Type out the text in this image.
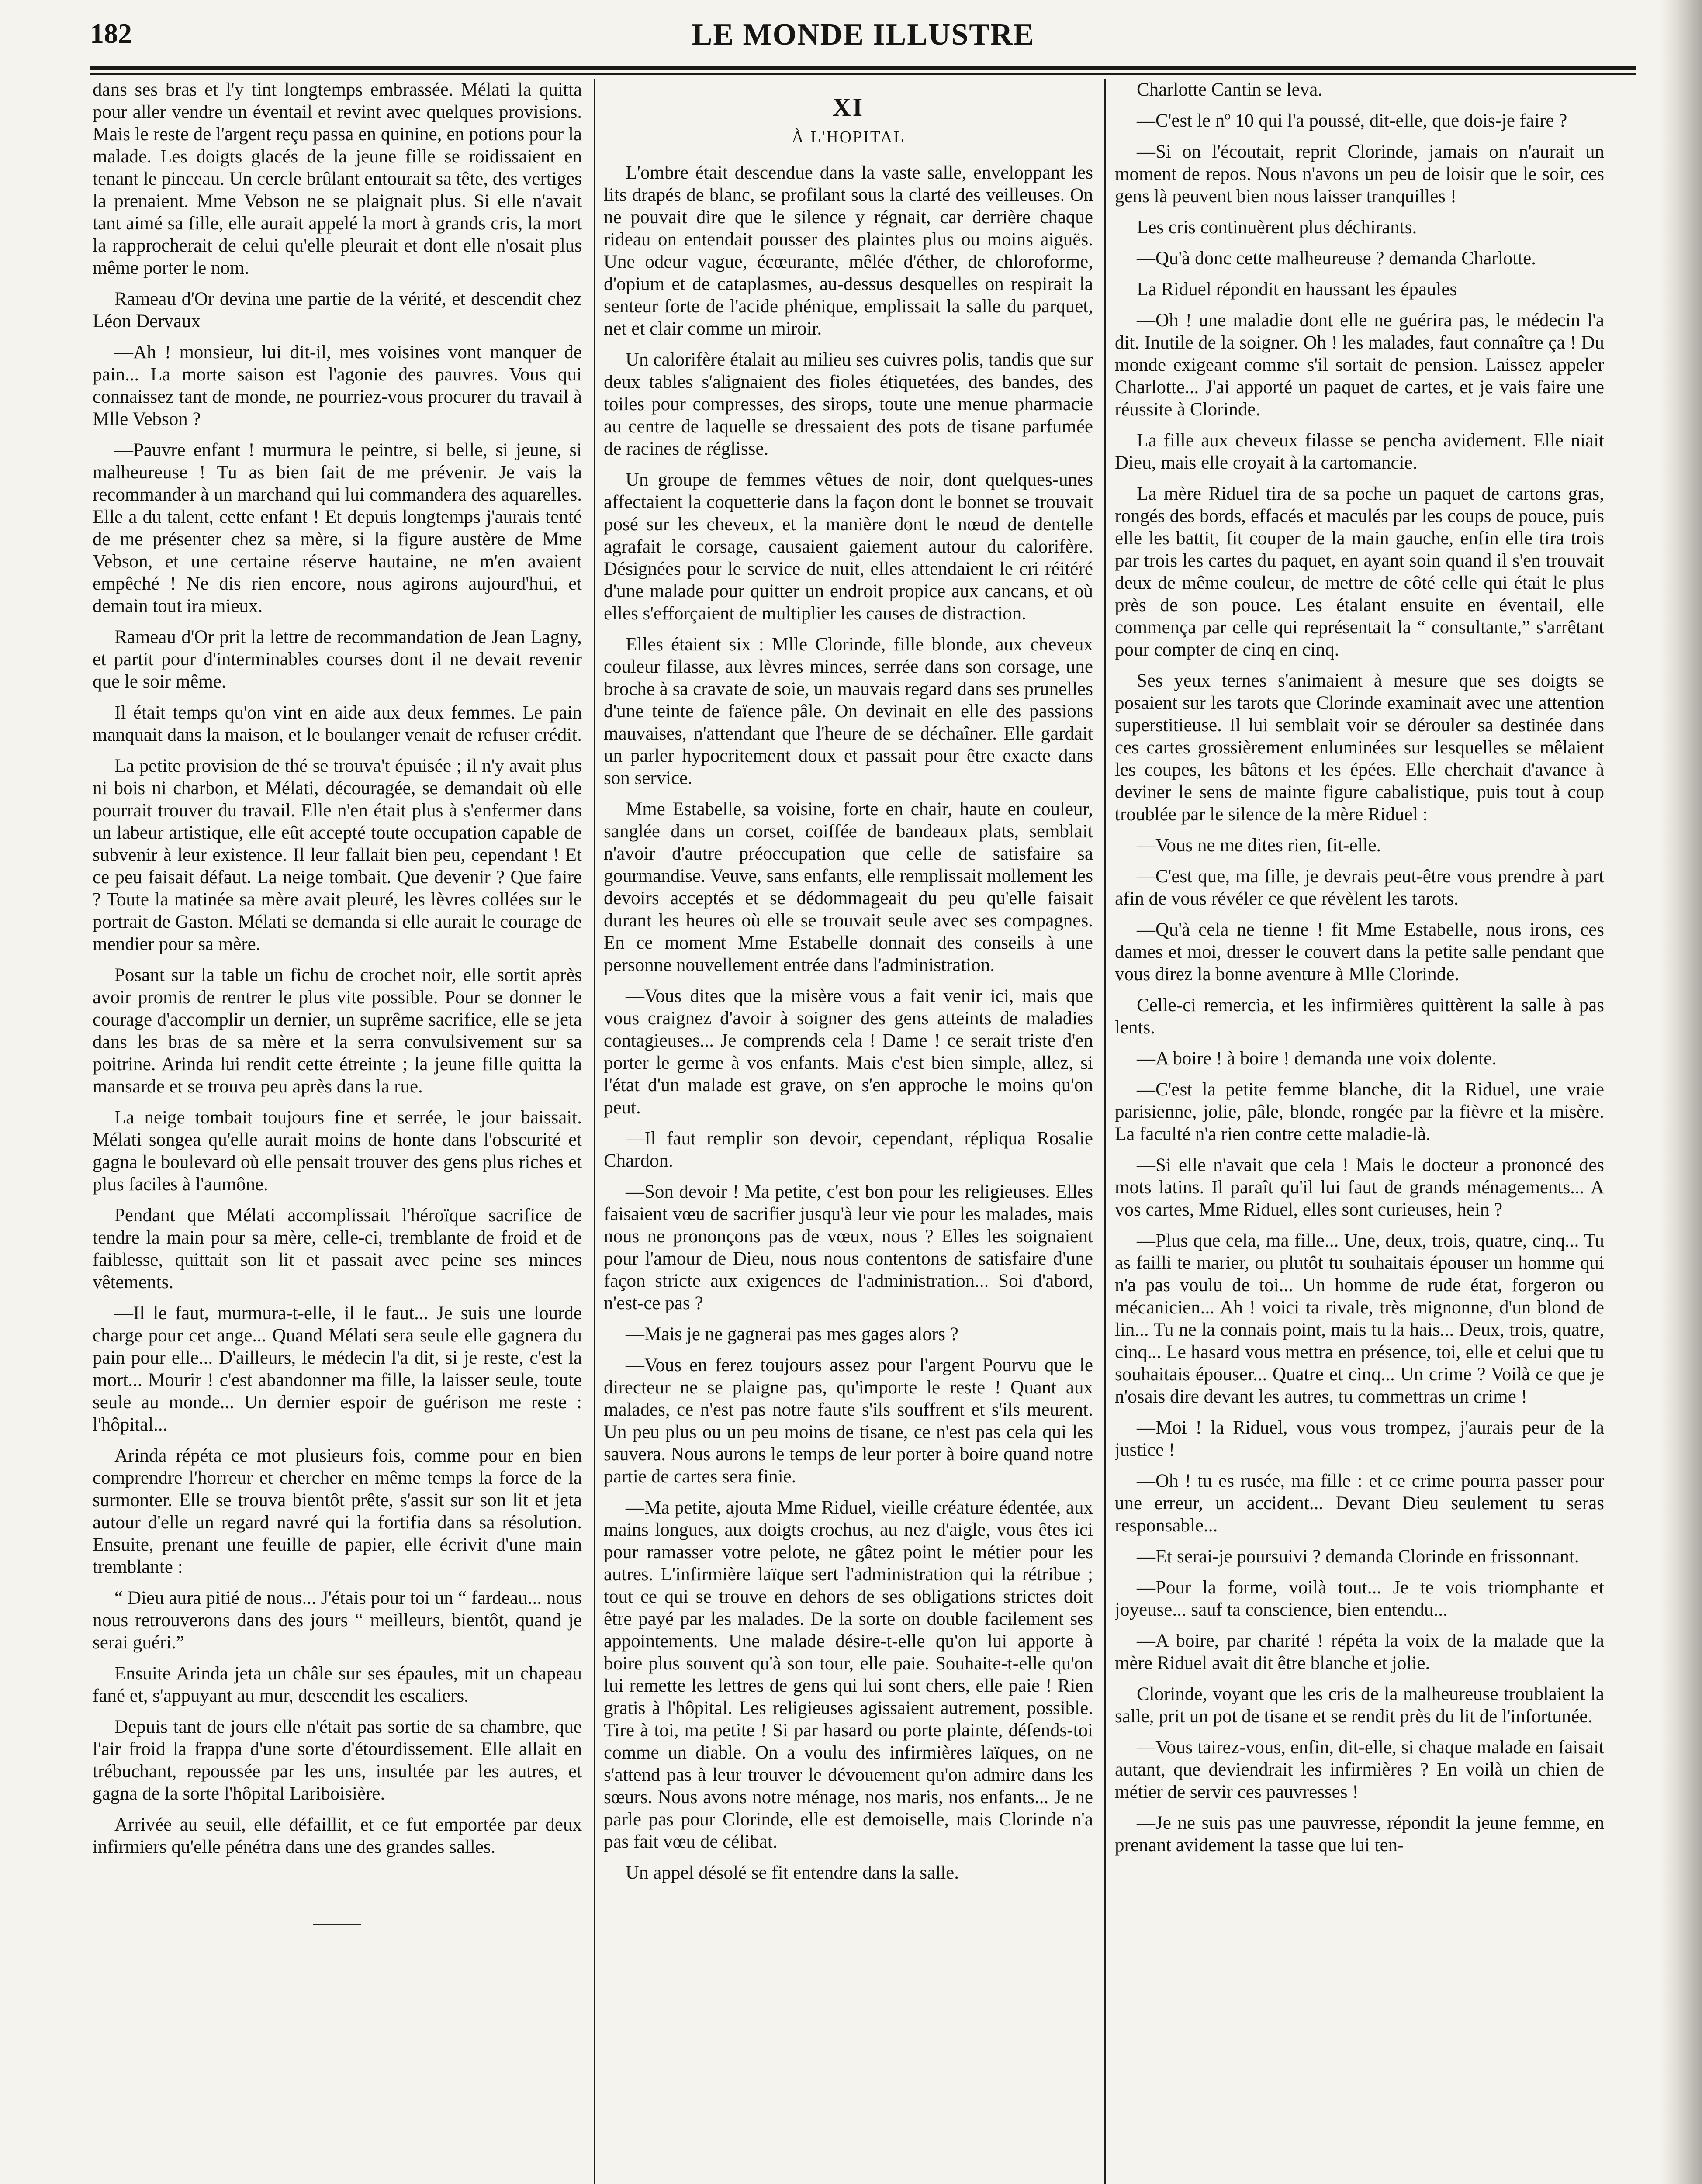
182	LE MONDE ILLUSTRE

dans ses bras et l'y tint longtemps embrassée. Mélati la quitta pour aller vendre un éventail et revint avec quelques provisions. Mais le reste de l'argent reçu passa en quinine, en potions pour la malade. Les doigts glacés de la jeune fille se roidissaient en tenant le pinceau. Un cercle brûlant entourait sa tête, des vertiges la prenaient. Mme Vebson ne se plaignait plus. Si elle n'avait tant aimé sa fille, elle aurait appelé la mort à grands cris, la mort la rapprocherait de celui qu'elle pleurait et dont elle n'osait plus même porter le nom.

Rameau d'Or devina une partie de la vérité, et descendit chez Léon Dervaux

—Ah ! monsieur, lui dit-il, mes voisines vont manquer de pain... La morte saison est l'agonie des pauvres. Vous qui connaissez tant de monde, ne pourriez-vous procurer du travail à Mlle Vebson ?

—Pauvre enfant ! murmura le peintre, si belle, si jeune, si malheureuse ! Tu as bien fait de me prévenir. Je vais la recommander à un marchand qui lui commandera des aquarelles. Elle a du talent, cette enfant ! Et depuis longtemps j'aurais tenté de me présenter chez sa mère, si la figure austère de Mme Vebson, et une certaine réserve hautaine, ne m'en avaient empêché ! Ne dis rien encore, nous agirons aujourd'hui, et demain tout ira mieux.

Rameau d'Or prit la lettre de recommandation de Jean Lagny, et partit pour d'interminables courses dont il ne devait revenir que le soir même.

Il était temps qu'on vint en aide aux deux femmes. Le pain manquait dans la maison, et le boulanger venait de refuser crédit.

La petite provision de thé se trouva't épuisée ; il n'y avait plus ni bois ni charbon, et Mélati, découragée, se demandait où elle pourrait trouver du travail. Elle n'en était plus à s'enfermer dans un labeur artistique, elle eût accepté toute occupation capable de subvenir à leur existence. Il leur fallait bien peu, cependant ! Et ce peu faisait défaut. La neige tombait. Que devenir ? Que faire ? Toute la matinée sa mère avait pleuré, les lèvres collées sur le portrait de Gaston. Mélati se demanda si elle aurait le courage de mendier pour sa mère.

Posant sur la table un fichu de crochet noir, elle sortit après avoir promis de rentrer le plus vite possible. Pour se donner le courage d'accomplir un dernier, un suprême sacrifice, elle se jeta dans les bras de sa mère et la serra convulsivement sur sa poitrine. Arinda lui rendit cette étreinte ; la jeune fille quitta la mansarde et se trouva peu après dans la rue.

La neige tombait toujours fine et serrée, le jour baissait. Mélati songea qu'elle aurait moins de honte dans l'obscurité et gagna le boulevard où elle pensait trouver des gens plus riches et plus faciles à l'aumône.

Pendant que Mélati accomplissait l'héroïque sacrifice de tendre la main pour sa mère, celle-ci, tremblante de froid et de faiblesse, quittait son lit et passait avec peine ses minces vêtements.

—Il le faut, murmura-t-elle, il le faut... Je suis une lourde charge pour cet ange... Quand Mélati sera seule elle gagnera du pain pour elle... D'ailleurs, le médecin l'a dit, si je reste, c'est la mort... Mourir ! c'est abandonner ma fille, la laisser seule, toute seule au monde... Un dernier espoir de guérison me reste : l'hôpital...

Arinda répéta ce mot plusieurs fois, comme pour en bien comprendre l'horreur et chercher en même temps la force de la surmonter. Elle se trouva bientôt prête, s'assit sur son lit et jeta autour d'elle un regard navré qui la fortifia dans sa résolution. Ensuite, prenant une feuille de papier, elle écrivit d'une main tremblante :

“ Dieu aura pitié de nous... J'étais pour toi un “ fardeau... nous nous retrouverons dans des jours “ meilleurs, bientôt, quand je serai guéri.”

Ensuite Arinda jeta un châle sur ses épaules, mit un chapeau fané et, s'appuyant au mur, descendit les escaliers.

Depuis tant de jours elle n'était pas sortie de sa chambre, que l'air froid la frappa d'une sorte d'étourdissement. Elle allait en trébuchant, repoussée par les uns, insultée par les autres, et gagna de la sorte l'hôpital Lariboisière.

Arrivée au seuil, elle défaillit, et ce fut emportée par deux infirmiers qu'elle pénétra dans une des grandes salles.

XI
À L'HOPITAL

L'ombre était descendue dans la vaste salle, enveloppant les lits drapés de blanc, se profilant sous la clarté des veilleuses. On ne pouvait dire que le silence y régnait, car derrière chaque rideau on entendait pousser des plaintes plus ou moins aiguës. Une odeur vague, écœurante, mêlée d'éther, de chloroforme, d'opium et de cataplasmes, au-dessus desquelles on respirait la senteur forte de l'acide phénique, emplissait la salle du parquet, net et clair comme un miroir.

Un calorifère étalait au milieu ses cuivres polis, tandis que sur deux tables s'alignaient des fioles étiquetées, des bandes, des toiles pour compresses, des sirops, toute une menue pharmacie au centre de laquelle se dressaient des pots de tisane parfumée de racines de réglisse.

Un groupe de femmes vêtues de noir, dont quelques-unes affectaient la coquetterie dans la façon dont le bonnet se trouvait posé sur les cheveux, et la manière dont le nœud de dentelle agrafait le corsage, causaient gaiement autour du calorifère. Désignées pour le service de nuit, elles attendaient le cri réitéré d'une malade pour quitter un endroit propice aux cancans, et où elles s'efforçaient de multiplier les causes de distraction.

Elles étaient six : Mlle Clorinde, fille blonde, aux cheveux couleur filasse, aux lèvres minces, serrée dans son corsage, une broche à sa cravate de soie, un mauvais regard dans ses prunelles d'une teinte de faïence pâle. On devinait en elle des passions mauvaises, n'attendant que l'heure de se déchaîner. Elle gardait un parler hypocritement doux et passait pour être exacte dans son service.

Mme Estabelle, sa voisine, forte en chair, haute en couleur, sanglée dans un corset, coiffée de bandeaux plats, semblait n'avoir d'autre préoccupation que celle de satisfaire sa gourmandise. Veuve, sans enfants, elle remplissait mollement les devoirs acceptés et se dédommageait du peu qu'elle faisait durant les heures où elle se trouvait seule avec ses compagnes. En ce moment Mme Estabelle donnait des conseils à une personne nouvellement entrée dans l'administration.

—Vous dites que la misère vous a fait venir ici, mais que vous craignez d'avoir à soigner des gens atteints de maladies contagieuses... Je comprends cela ! Dame ! ce serait triste d'en porter le germe à vos enfants. Mais c'est bien simple, allez, si l'état d'un malade est grave, on s'en approche le moins qu'on peut.

—Il faut remplir son devoir, cependant, répliqua Rosalie Chardon.

—Son devoir ! Ma petite, c'est bon pour les religieuses. Elles faisaient vœu de sacrifier jusqu'à leur vie pour les malades, mais nous ne prononçons pas de vœux, nous ? Elles les soignaient pour l'amour de Dieu, nous nous contentons de satisfaire d'une façon stricte aux exigences de l'administration... Soi d'abord, n'est-ce pas ?

—Mais je ne gagnerai pas mes gages alors ?

—Vous en ferez toujours assez pour l'argent Pourvu que le directeur ne se plaigne pas, qu'importe le reste ! Quant aux malades, ce n'est pas notre faute s'ils souffrent et s'ils meurent. Un peu plus ou un peu moins de tisane, ce n'est pas cela qui les sauvera. Nous aurons le temps de leur porter à boire quand notre partie de cartes sera finie.

—Ma petite, ajouta Mme Riduel, vieille créature édentée, aux mains longues, aux doigts crochus, au nez d'aigle, vous êtes ici pour ramasser votre pelote, ne gâtez point le métier pour les autres. L'infirmière laïque sert l'administration qui la rétribue ; tout ce qui se trouve en dehors de ses obligations strictes doit être payé par les malades. De la sorte on double facilement ses appointements. Une malade désire-t-elle qu'on lui apporte à boire plus souvent qu'à son tour, elle paie. Souhaite-t-elle qu'on lui remette les lettres de gens qui lui sont chers, elle paie ! Rien gratis à l'hôpital. Les religieuses agissaient autrement, possible. Tire à toi, ma petite ! Si par hasard ou porte plainte, défends-toi comme un diable. On a voulu des infirmières laïques, on ne s'attend pas à leur trouver le dévouement qu'on admire dans les sœurs. Nous avons notre ménage, nos maris, nos enfants... Je ne parle pas pour Clorinde, elle est demoiselle, mais Clorinde n'a pas fait vœu de célibat.

Un appel désolé se fit entendre dans la salle.

Charlotte Cantin se leva.

—C'est le nº 10 qui l'a poussé, dit-elle, que dois-je faire ?

—Si on l'écoutait, reprit Clorinde, jamais on n'aurait un moment de repos. Nous n'avons un peu de loisir que le soir, ces gens là peuvent bien nous laisser tranquilles !

Les cris continuèrent plus déchirants.

—Qu'à donc cette malheureuse ? demanda Charlotte.

La Riduel répondit en haussant les épaules

—Oh ! une maladie dont elle ne guérira pas, le médecin l'a dit. Inutile de la soigner. Oh ! les malades, faut connaître ça ! Du monde exigeant comme s'il sortait de pension. Laissez appeler Charlotte... J'ai apporté un paquet de cartes, et je vais faire une réussite à Clorinde.

La fille aux cheveux filasse se pencha avidement. Elle niait Dieu, mais elle croyait à la cartomancie.

La mère Riduel tira de sa poche un paquet de cartons gras, rongés des bords, effacés et maculés par les coups de pouce, puis elle les battit, fit couper de la main gauche, enfin elle tira trois par trois les cartes du paquet, en ayant soin quand il s'en trouvait deux de même couleur, de mettre de côté celle qui était le plus près de son pouce. Les étalant ensuite en éventail, elle commença par celle qui représentait la “ consultante,” s'arrêtant pour compter de cinq en cinq.

Ses yeux ternes s'animaient à mesure que ses doigts se posaient sur les tarots que Clorinde examinait avec une attention superstitieuse. Il lui semblait voir se dérouler sa destinée dans ces cartes grossièrement enluminées sur lesquelles se mêlaient les coupes, les bâtons et les épées. Elle cherchait d'avance à deviner le sens de mainte figure cabalistique, puis tout à coup troublée par le silence de la mère Riduel :

—Vous ne me dites rien, fit-elle.

—C'est que, ma fille, je devrais peut-être vous prendre à part afin de vous révéler ce que révèlent les tarots.

—Qu'à cela ne tienne ! fit Mme Estabelle, nous irons, ces dames et moi, dresser le couvert dans la petite salle pendant que vous direz la bonne aventure à Mlle Clorinde.

Celle-ci remercia, et les infirmières quittèrent la salle à pas lents.

—A boire ! à boire ! demanda une voix dolente.

—C'est la petite femme blanche, dit la Riduel, une vraie parisienne, jolie, pâle, blonde, rongée par la fièvre et la misère. La faculté n'a rien contre cette maladie-là.

—Si elle n'avait que cela ! Mais le docteur a prononcé des mots latins. Il paraît qu'il lui faut de grands ménagements... A vos cartes, Mme Riduel, elles sont curieuses, hein ?

—Plus que cela, ma fille... Une, deux, trois, quatre, cinq... Tu as failli te marier, ou plutôt tu souhaitais épouser un homme qui n'a pas voulu de toi... Un homme de rude état, forgeron ou mécanicien... Ah ! voici ta rivale, très mignonne, d'un blond de lin... Tu ne la connais point, mais tu la hais... Deux, trois, quatre, cinq... Le hasard vous mettra en présence, toi, elle et celui que tu souhaitais épouser... Quatre et cinq... Un crime ? Voilà ce que je n'osais dire devant les autres, tu commettras un crime !

—Moi ! la Riduel, vous vous trompez, j'aurais peur de la justice !

—Oh ! tu es rusée, ma fille : et ce crime pourra passer pour une erreur, un accident... Devant Dieu seulement tu seras responsable...

—Et serai-je poursuivi ? demanda Clorinde en frissonnant.

—Pour la forme, voilà tout... Je te vois triomphante et joyeuse... sauf ta conscience, bien entendu...

—A boire, par charité ! répéta la voix de la malade que la mère Riduel avait dit être blanche et jolie.

Clorinde, voyant que les cris de la malheureuse troublaient la salle, prit un pot de tisane et se rendit près du lit de l'infortunée.

—Vous tairez-vous, enfin, dit-elle, si chaque malade en faisait autant, que deviendrait les infirmières ? En voilà un chien de métier de servir ces pauvresses !

—Je ne suis pas une pauvresse, répondit la jeune femme, en prenant avidement la tasse que lui ten-
